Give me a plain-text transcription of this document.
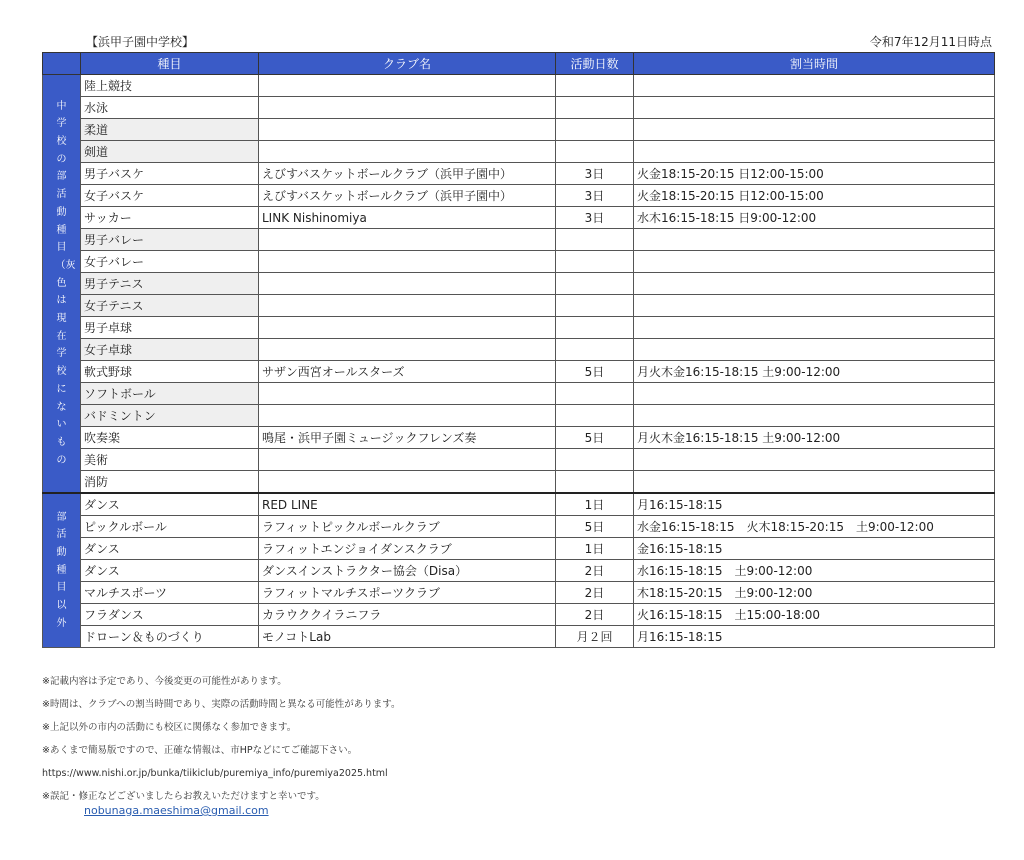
【浜甲子園中学校】	令和7年12月11日時点
	種目	クラブ名	活動日数	割当時間
中学校の部活動種目（灰色は現在学校にないもの	陸上競技			
	水泳			
	柔道			
	剣道			
	男子バスケ	えびすバスケットボールクラブ（浜甲子園中）	3日	火金18:15-20:15 日12:00-15:00
	女子バスケ	えびすバスケットボールクラブ（浜甲子園中）	3日	火金18:15-20:15 日12:00-15:00
	サッカー	LINK Nishinomiya	3日	水木16:15-18:15 日9:00-12:00
	男子バレー			
	女子バレー			
	男子テニス			
	女子テニス			
	男子卓球			
	女子卓球			
	軟式野球	サザン西宮オールスターズ	5日	月火木金16:15-18:15 土9:00-12:00
	ソフトボール			
	バドミントン			
	吹奏楽	鳴尾・浜甲子園ミュージックフレンズ奏	5日	月火木金16:15-18:15 土9:00-12:00
	美術			
	消防			
部活動種目以外	ダンス	RED LINE	1日	月16:15-18:15
	ピックルボール	ラフィットピックルボールクラブ	5日	水金16:15-18:15　火木18:15-20:15　土9:00-12:00
	ダンス	ラフィットエンジョイダンスクラブ	1日	金16:15-18:15
	ダンス	ダンスインストラクター協会（Disa）	2日	水16:15-18:15　土9:00-12:00
	マルチスポーツ	ラフィットマルチスポーツクラブ	2日	木18:15-20:15　土9:00-12:00
	フラダンス	カラウククイラニフラ	2日	火16:15-18:15　土15:00-18:00
	ドローン＆ものづくり	モノコトLab	月２回	月16:15-18:15
※記載内容は予定であり、今後変更の可能性があります。
※時間は、クラブへの割当時間であり、実際の活動時間と異なる可能性があります。
※上記以外の市内の活動にも校区に関係なく参加できます。
※あくまで簡易版ですので、正確な情報は、市HPなどにてご確認下さい。
https://www.nishi.or.jp/bunka/tiikiclub/puremiya_info/puremiya2025.html
※誤記・修正などございましたらお教えいただけますと幸いです。
nobunaga.maeshima@gmail.com
